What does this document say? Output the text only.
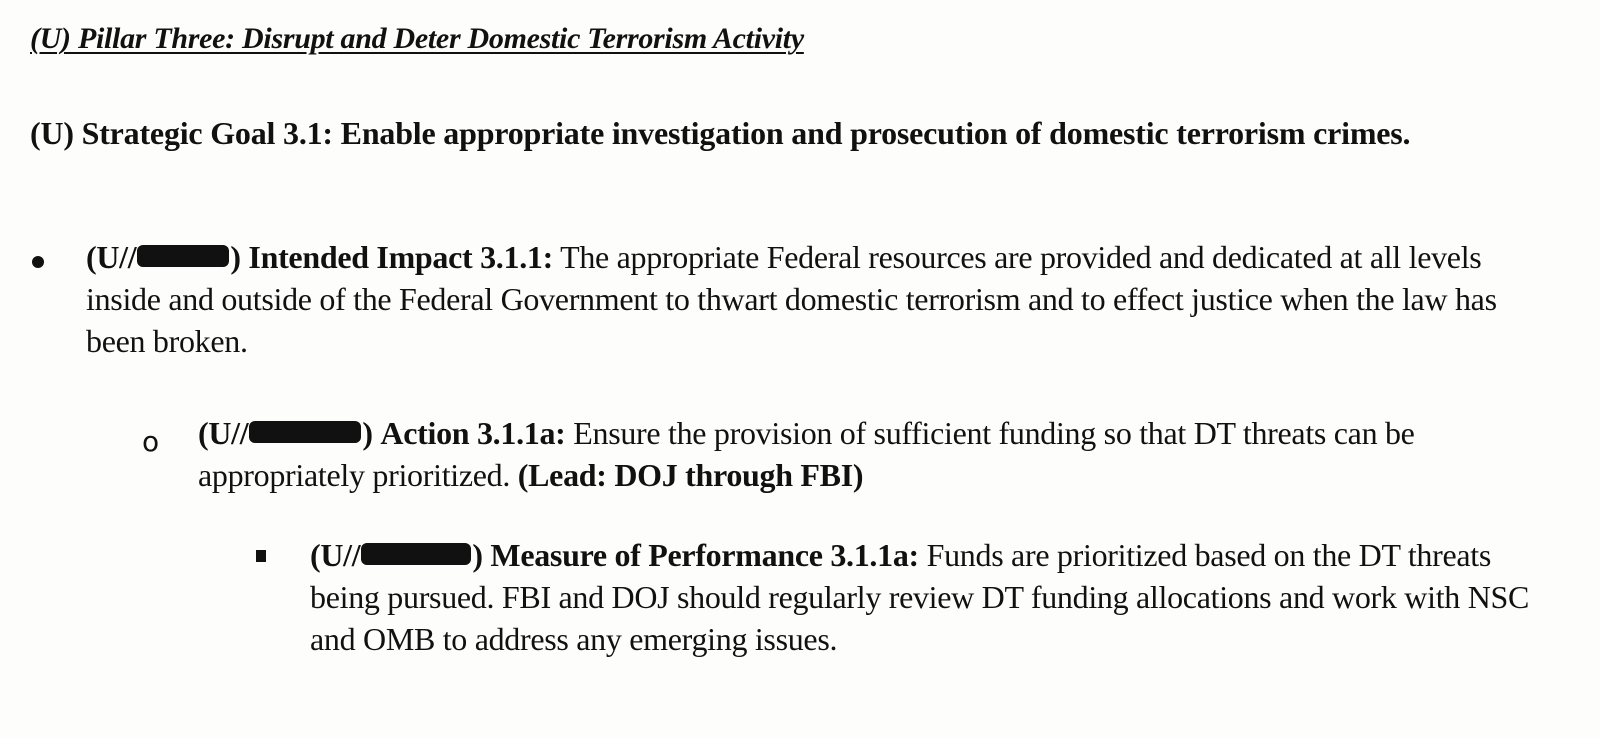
(U) Pillar Three: Disrupt and Deter Domestic Terrorism Activity
(U) Strategic Goal 3.1: Enable appropriate investigation and prosecution of domestic terrorism crimes.
(U//	) Intended Impact 3.1.1: The appropriate Federal resources are provided and dedicated at all levels inside and outside of the Federal Government to thwart domestic terrorism and to effect justice when the law has been broken.
o (U//	) Action 3.1.1a: Ensure the provision of sufficient funding so that DT threats can be appropriately prioritized. (Lead: DOJ through FBI)
(U//	) Measure of Performance 3.1.1a: Funds are prioritized based on the DT threats being pursued. FBI and DOJ should regularly review DT funding allocations and work with NSC and OMB to address any emerging issues.
